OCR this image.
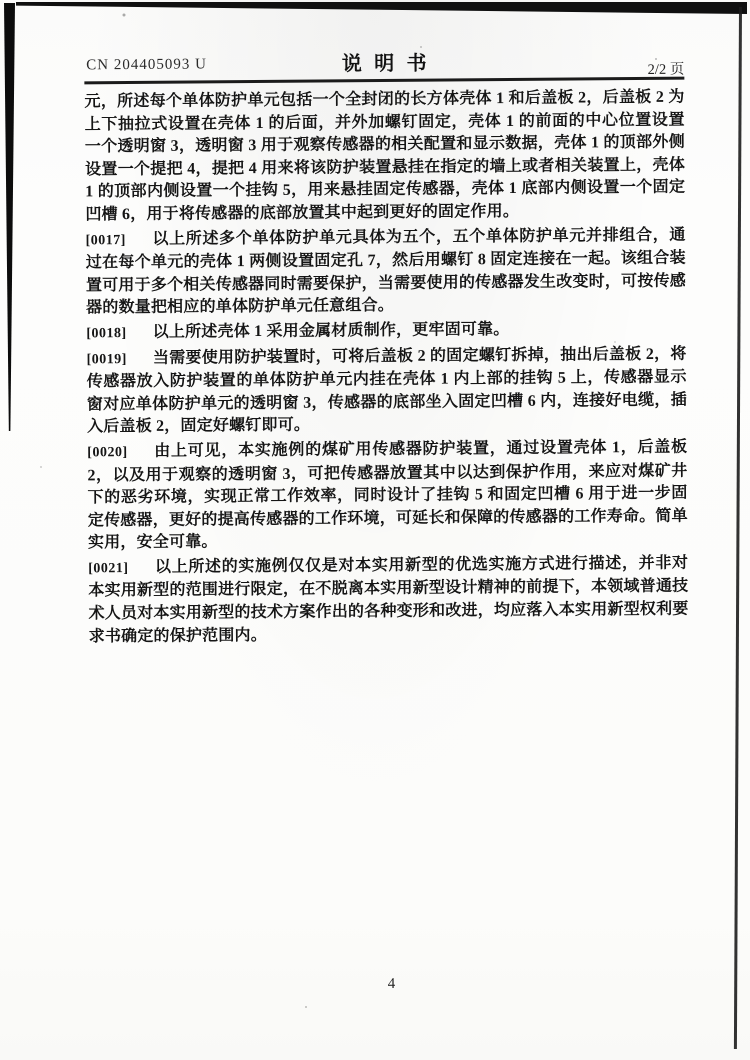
CN 204405093 U	说明书	2/2 页

元，所述每个单体防护单元包括一个全封闭的长方体壳体 1 和后盖板 2，后盖板 2 为上下抽拉式设置在壳体 1 的后面，并外加螺钉固定，壳体 1 的前面的中心位置设置一个透明窗 3，透明窗 3 用于观察传感器的相关配置和显示数据，壳体 1 的顶部外侧设置一个提把 4，提把 4 用来将该防护装置悬挂在指定的墙上或者相关装置上，壳体 1 的顶部内侧设置一个挂钩 5，用来悬挂固定传感器，壳体 1 底部内侧设置一个固定凹槽 6，用于将传感器的底部放置其中起到更好的固定作用。

[0017] 以上所述多个单体防护单元具体为五个，五个单体防护单元并排组合，通过在每个单元的壳体 1 两侧设置固定孔 7，然后用螺钉 8 固定连接在一起。该组合装置可用于多个相关传感器同时需要保护，当需要使用的传感器发生改变时，可按传感器的数量把相应的单体防护单元任意组合。

[0018] 以上所述壳体 1 采用金属材质制作，更牢固可靠。

[0019] 当需要使用防护装置时，可将后盖板 2 的固定螺钉拆掉，抽出后盖板 2，将传感器放入防护装置的单体防护单元内挂在壳体 1 内上部的挂钩 5 上，传感器显示窗对应单体防护单元的透明窗 3，传感器的底部坐入固定凹槽 6 内，连接好电缆，插入后盖板 2，固定好螺钉即可。

[0020] 由上可见，本实施例的煤矿用传感器防护装置，通过设置壳体 1，后盖板 2，以及用于观察的透明窗 3，可把传感器放置其中以达到保护作用，来应对煤矿井下的恶劣环境，实现正常工作效率，同时设计了挂钩 5 和固定凹槽 6 用于进一步固定传感器，更好的提高传感器的工作环境，可延长和保障的传感器的工作寿命。简单实用，安全可靠。

[0021] 以上所述的实施例仅仅是对本实用新型的优选实施方式进行描述，并非对本实用新型的范围进行限定，在不脱离本实用新型设计精神的前提下，本领域普通技术人员对本实用新型的技术方案作出的各种变形和改进，均应落入本实用新型权利要求书确定的保护范围内。

4
